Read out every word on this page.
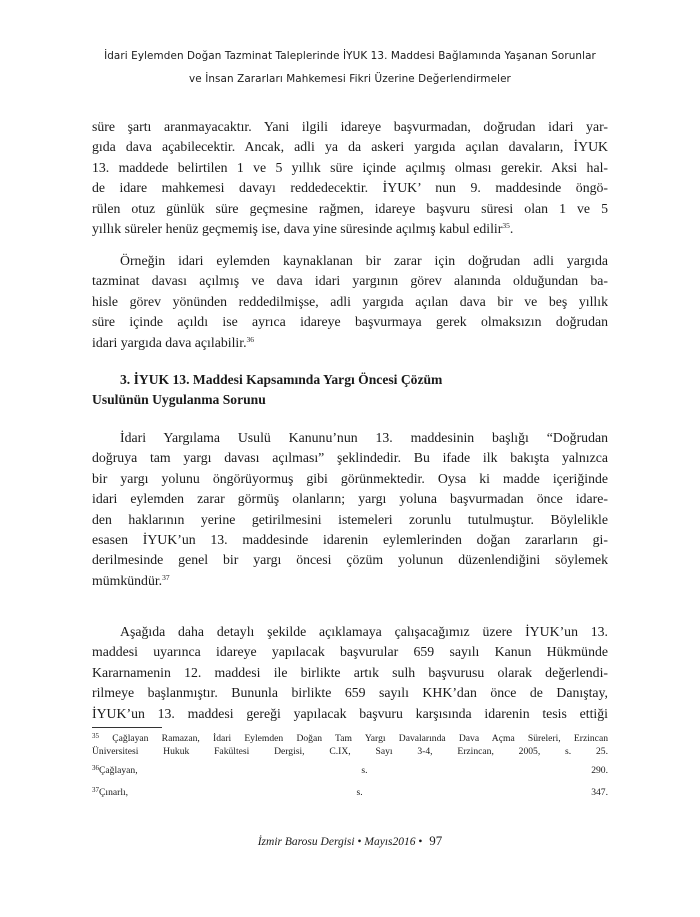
İdari Eylemden Doğan Tazminat Taleplerinde İYUK 13. Maddesi Bağlamında Yaşanan Sorunlar
ve İnsan Zararları Mahkemesi Fikri Üzerine Değerlendirmeler
süre şartı aranmayacaktır. Yani ilgili idareye başvurmadan, doğrudan idari yar-
gıda dava açabilecektir. Ancak, adli ya da askeri yargıda açılan davaların, İYUK
13. maddede belirtilen 1 ve 5 yıllık süre içinde açılmış olması gerekir. Aksi hal-
de idare mahkemesi davayı reddedecektir. İYUK’ nun 9. maddesinde öngö-
rülen otuz günlük süre geçmesine rağmen, idareye başvuru süresi olan 1 ve 5
yıllık süreler henüz geçmemiş ise, dava yine süresinde açılmış kabul edilir$^{35}$.
Örneğin idari eylemden kaynaklanan bir zarar için doğrudan adli yargıda
tazminat davası açılmış ve dava idari yargının görev alanında olduğundan ba-
hisle görev yönünden reddedilmişse, adli yargıda açılan dava bir ve beş yıllık
süre içinde açıldı ise ayrıca idareye başvurmaya gerek olmaksızın doğrudan
idari yargıda dava açılabilir.$^{36}$
3. İYUK 13. Maddesi Kapsamında Yargı Öncesi Çözüm
Usulünün Uygulanma Sorunu
İdari Yargılama Usulü Kanunu’nun 13. maddesinin başlığı “Doğrudan
doğruya tam yargı davası açılması” şeklindedir. Bu ifade ilk bakışta yalnızca
bir yargı yolunu öngörüyormuş gibi görünmektedir. Oysa ki madde içeriğinde
idari eylemden zarar görmüş olanların; yargı yoluna başvurmadan önce idare-
den haklarının yerine getirilmesini istemeleri zorunlu tutulmuştur. Böylelikle
esasen İYUK’un 13. maddesinde idarenin eylemlerinden doğan zararların gi-
derilmesinde genel bir yargı öncesi çözüm yolunun düzenlendiğini söylemek
mümkündür.$^{37}$
Aşağıda daha detaylı şekilde açıklamaya çalışacağımız üzere İYUK’un 13.
maddesi uyarınca idareye yapılacak başvurular 659 sayılı Kanun Hükmünde
Kararnamenin 12. maddesi ile birlikte artık sulh başvurusu olarak değerlendi-
rilmeye başlanmıştır. Bununla birlikte 659 sayılı KHK’dan önce de Danıştay,
İYUK’un 13. maddesi gereği yapılacak başvuru karşısında idarenin tesis ettiği
$^{35}$ Çağlayan Ramazan, İdari Eylemden Doğan Tam Yargı Davalarında Dava Açma Süreleri, Erzincan
Üniversitesi Hukuk Fakültesi Dergisi, C.IX, Sayı 3-4, Erzincan, 2005, s. 25.
$^{36}$Çağlayan, s. 290.
$^{37}$Çınarlı, s. 347.
İzmir Barosu Dergisi • Mayıs2016 • 97
